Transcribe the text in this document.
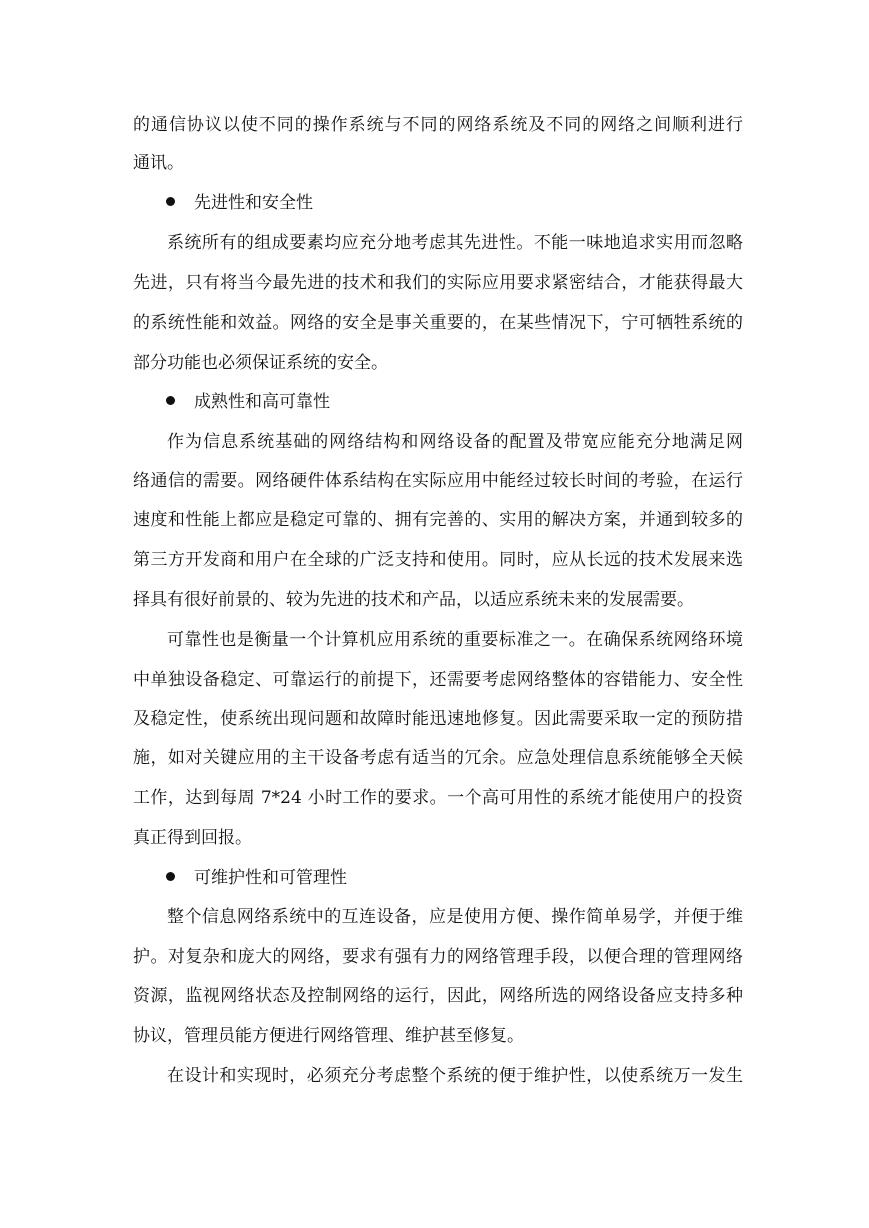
的通信协议以使不同的操作系统与不同的网络系统及不同的网络之间顺利进行
通讯。
先进性和安全性
系统所有的组成要素均应充分地考虑其先进性。不能一味地追求实用而忽略
先进，只有将当今最先进的技术和我们的实际应用要求紧密结合，才能获得最大
的系统性能和效益。网络的安全是事关重要的，在某些情况下，宁可牺牲系统的
部分功能也必须保证系统的安全。
成熟性和高可靠性
作为信息系统基础的网络结构和网络设备的配置及带宽应能充分地满足网
络通信的需要。网络硬件体系结构在实际应用中能经过较长时间的考验，在运行
速度和性能上都应是稳定可靠的、拥有完善的、实用的解决方案，并通到较多的
第三方开发商和用户在全球的广泛支持和使用。同时，应从长远的技术发展来选
择具有很好前景的、较为先进的技术和产品，以适应系统未来的发展需要。
可靠性也是衡量一个计算机应用系统的重要标准之一。在确保系统网络环境
中单独设备稳定、可靠运行的前提下，还需要考虑网络整体的容错能力、安全性
及稳定性，使系统出现问题和故障时能迅速地修复。因此需要采取一定的预防措
施，如对关键应用的主干设备考虑有适当的冗余。应急处理信息系统能够全天候
工作，达到每周 7*24 小时工作的要求。一个高可用性的系统才能使用户的投资
真正得到回报。
可维护性和可管理性
整个信息网络系统中的互连设备，应是使用方便、操作简单易学，并便于维
护。对复杂和庞大的网络，要求有强有力的网络管理手段，以便合理的管理网络
资源，监视网络状态及控制网络的运行，因此，网络所选的网络设备应支持多种
协议，管理员能方便进行网络管理、维护甚至修复。
在设计和实现时，必须充分考虑整个系统的便于维护性，以使系统万一发生
